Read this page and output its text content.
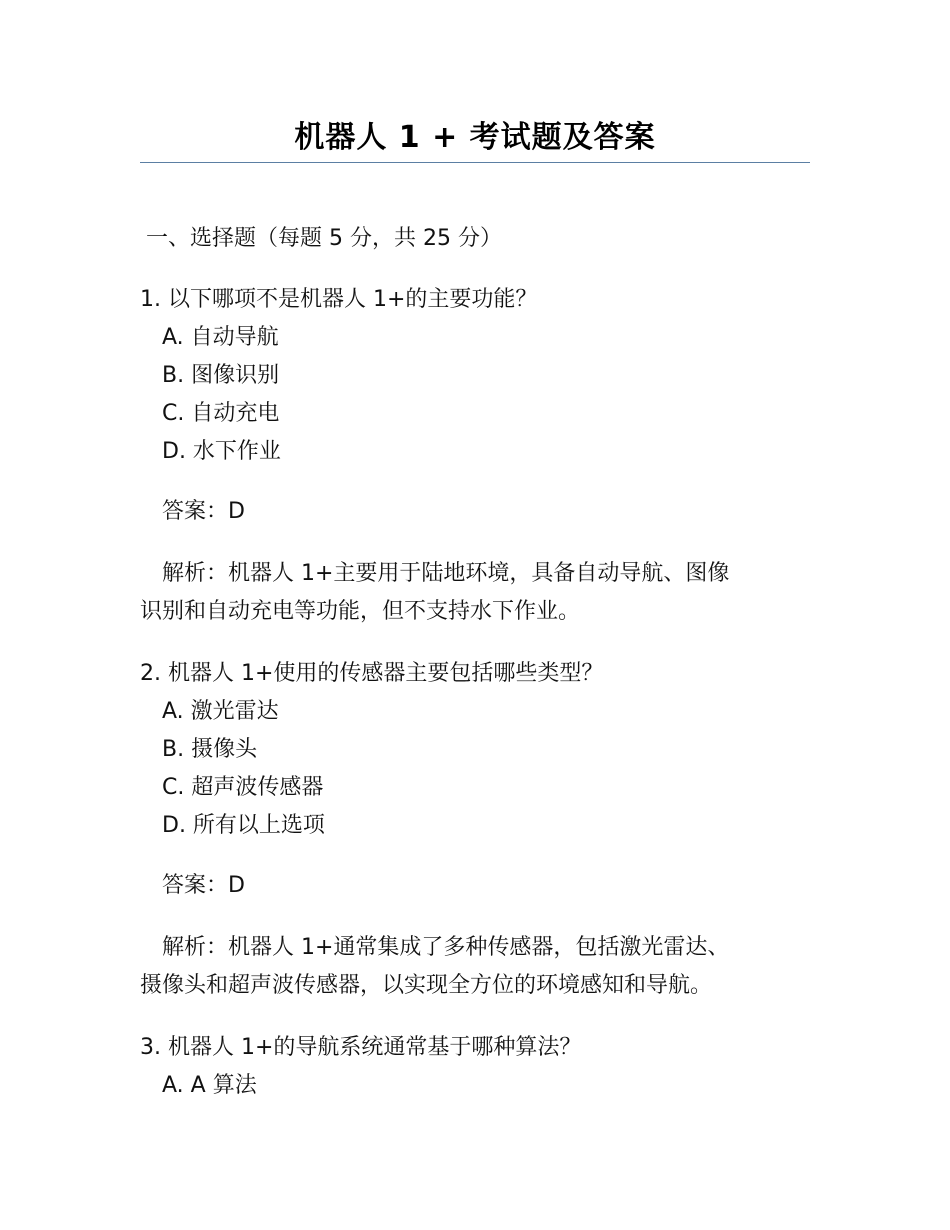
机器人 1 + 考试题及答案
一、选择题（每题 5 分，共 25 分）
1. 以下哪项不是机器人 1+的主要功能？
A. 自动导航
B. 图像识别
C. 自动充电
D. 水下作业
答案：D
解析：机器人 1+主要用于陆地环境，具备自动导航、图像
识别和自动充电等功能，但不支持水下作业。
2. 机器人 1+使用的传感器主要包括哪些类型？
A. 激光雷达
B. 摄像头
C. 超声波传感器
D. 所有以上选项
答案：D
解析：机器人 1+通常集成了多种传感器，包括激光雷达、
摄像头和超声波传感器，以实现全方位的环境感知和导航。
3. 机器人 1+的导航系统通常基于哪种算法？
A. A 算法
